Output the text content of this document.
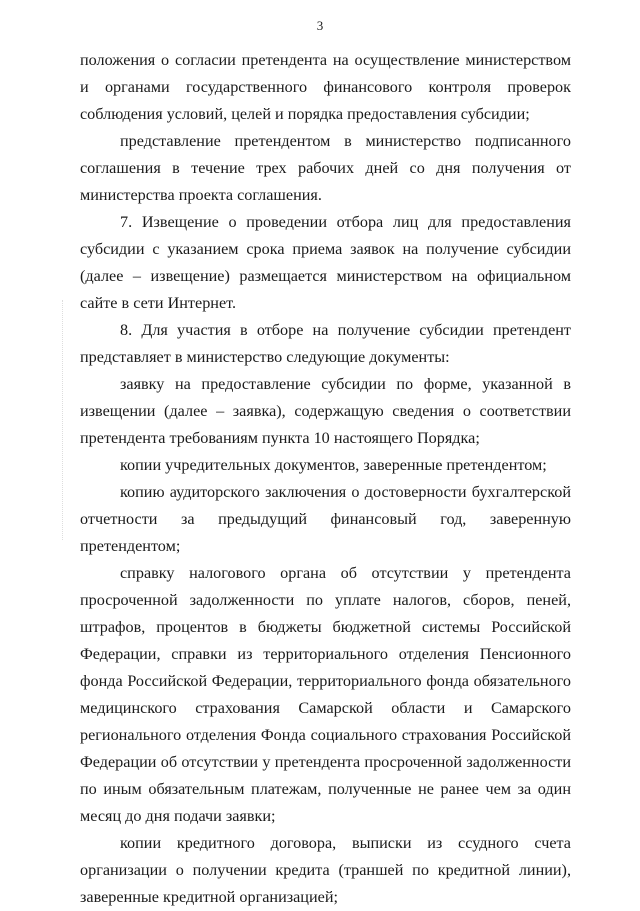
3

положения о согласии претендента на осуществление министерством и органами государственного финансового контроля проверок соблюдения условий, целей и порядка предоставления субсидии;

представление претендентом в министерство подписанного соглашения в течение трех рабочих дней со дня получения от министерства проекта соглашения.

7. Извещение о проведении отбора лиц для предоставления субсидии с указанием срока приема заявок на получение субсидии (далее – извещение) размещается министерством на официальном сайте в сети Интернет.

8. Для участия в отборе на получение субсидии претендент представляет в министерство следующие документы:

заявку на предоставление субсидии по форме, указанной в извещении (далее – заявка), содержащую сведения о соответствии претендента требованиям пункта 10 настоящего Порядка;

копии учредительных документов, заверенные претендентом;

копию аудиторского заключения о достоверности бухгалтерской отчетности за предыдущий финансовый год, заверенную претендентом;

справку налогового органа об отсутствии у претендента просроченной задолженности по уплате налогов, сборов, пеней, штрафов, процентов в бюджеты бюджетной системы Российской Федерации, справки из территориального отделения Пенсионного фонда Российской Федерации, территориального фонда обязательного медицинского страхования Самарской области и Самарского регионального отделения Фонда социального страхования Российской Федерации об отсутствии у претендента просроченной задолженности по иным обязательным платежам, полученные не ранее чем за один месяц до дня подачи заявки;

копии кредитного договора, выписки из ссудного счета организации о получении кредита (траншей по кредитной линии), заверенные кредитной организацией;
